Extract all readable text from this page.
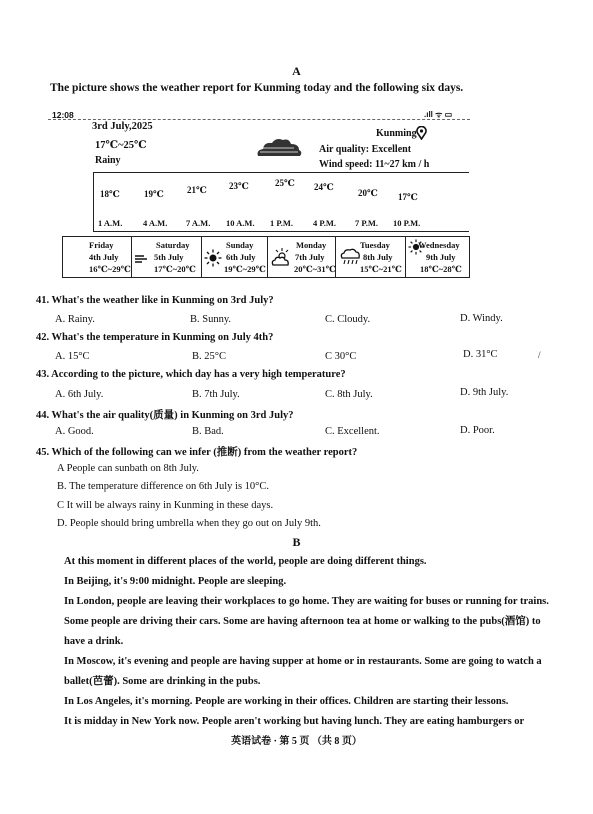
A
The picture shows the weather report for Kunming today and the following six days.
12:08	.ıll ᯤ ▭
3rd July,2025
17℃~25℃
Rainy
Kunming
Air quality: Excellent
Wind speed: 11~27 km / h
18℃	19℃	21℃ 23℃	25℃ 24℃
20℃ 17℃
1 A.M. 4 A.M. 7 A.M. 10 A.M. 1 P.M. 4 P.M. 7 P.M. 10 P.M.
Friday
4th July
16℃~29℃
Saturday
5th July
17℃~20℃
Sunday
6th July
19℃~29℃
Monday
7th July
20℃~31℃
Tuesday
8th July
15℃~21℃
Wednesday
9th July
18℃~28℃
41. What's the weather like in Kunming on 3rd July?
A. Rainy.	B. Sunny.	C. Cloudy.	D. Windy.
42. What's the temperature in Kunming on July 4th?
A. 15°C	B. 25°C	C 30°C	D. 31°C	/
43. According to the picture, which day has a very high temperature?
A. 6th July.	B. 7th July.	C. 8th July.	D. 9th July.
44. What's the air quality(质量) in Kunming on 3rd July?
A. Good.	B. Bad.	C. Excellent.	D. Poor.
45. Which of the following can we infer (推断) from the weather report?
A People can sunbath on 8th July.
B. The temperature difference on 6th July is 10°C.
C It will be always rainy in Kunming in these days.
D. People should bring umbrella when they go out on July 9th.
B

At this moment in different places of the world, people are doing different things.

In Beijing, it's 9:00 midnight. People are sleeping.

In London, people are leaving their workplaces to go home. They are waiting for buses or running for trains. Some people are driving their cars. Some are having afternoon tea at home or walking to the pubs(酒馆) to have a drink.

In Moscow, it's evening and people are having supper at home or in restaurants. Some are going to watch a ballet(芭蕾). Some are drinking in the pubs.

In Los Angeles, it's morning. People are working in their offices. Children are starting their lessons.

It is midday in New York now. People aren't working but having lunch. They are eating hamburgers or

英语试卷 · 第 5 页 （共 8 页）
